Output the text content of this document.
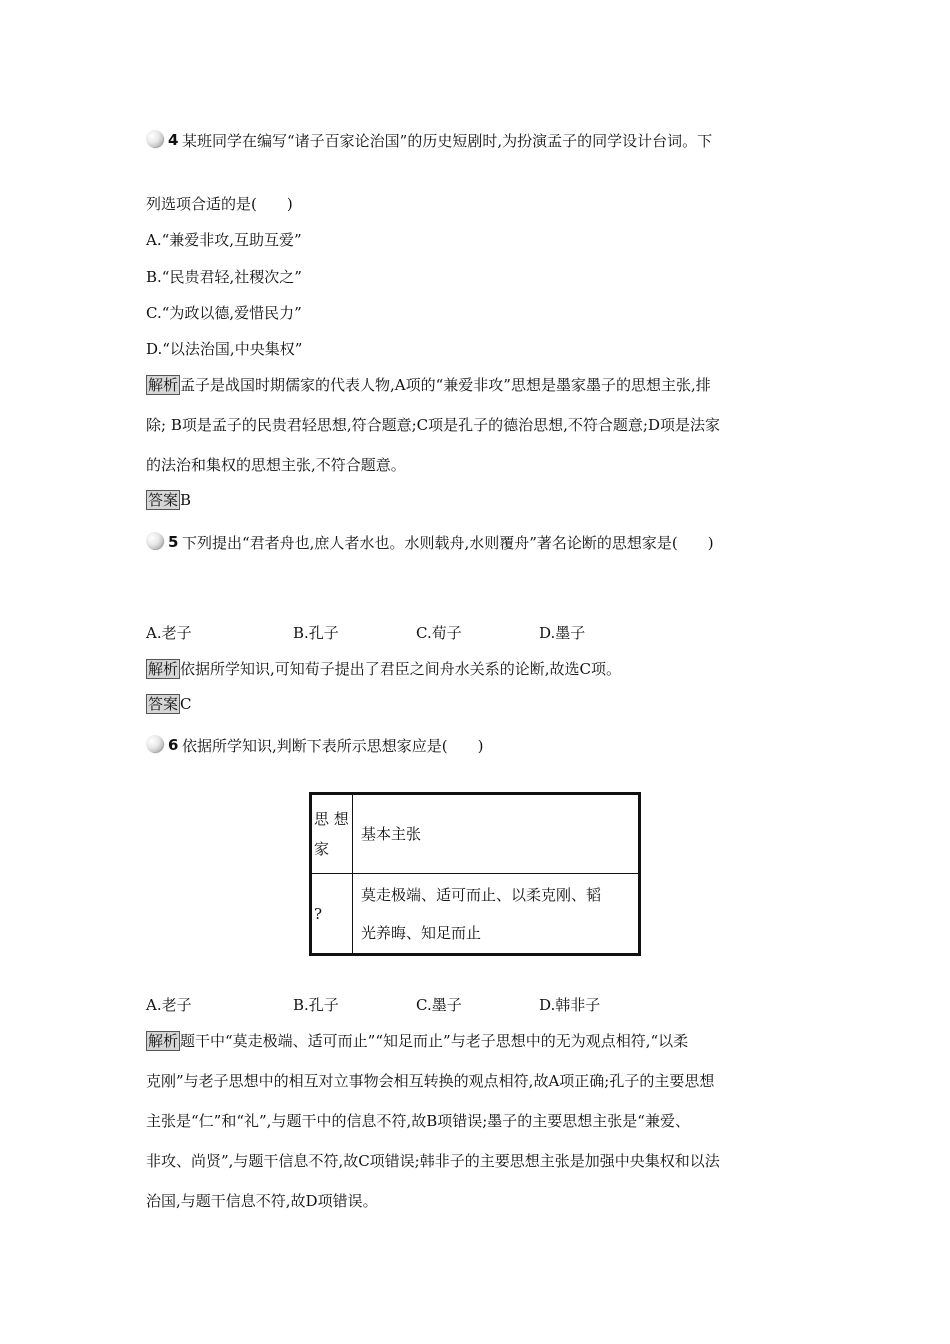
4 某班同学在编写“诸子百家论治国”的历史短剧时,为扮演孟子的同学设计台词。下
列选项合适的是(　　)
A.“兼爱非攻,互助互爱”
B.“民贵君轻,社稷次之”
C.“为政以德,爱惜民力”
D.“以法治国,中央集权”
解析 孟子是战国时期儒家的代表人物,A项的“兼爱非攻”思想是墨家墨子的思想主张,排
除; B项是孟子的民贵君轻思想,符合题意;C项是孔子的德治思想,不符合题意;D项是法家
的法治和集权的思想主张,不符合题意。
答案 B
5 下列提出“君者舟也,庶人者水也。水则载舟,水则覆舟”著名论断的思想家是(　　)
A.老子	B.孔子	C.荀子	D.墨子
解析 依据所学知识,可知荀子提出了君臣之间舟水关系的论断,故选C项。
答案 C
6 依据所学知识,判断下表所示思想家应是(　　)
思 想
家	基本主张
?	莫走极端、适可而止、以柔克刚、韬
光养晦、知足而止
A.老子	B.孔子	C.墨子	D.韩非子
解析 题干中“莫走极端、适可而止”“知足而止”与老子思想中的无为观点相符,“以柔
克刚”与老子思想中的相互对立事物会相互转换的观点相符,故A项正确;孔子的主要思想
主张是“仁”和“礼”,与题干中的信息不符,故B项错误;墨子的主要思想主张是“兼爱、
非攻、尚贤”,与题干信息不符,故C项错误;韩非子的主要思想主张是加强中央集权和以法
治国,与题干信息不符,故D项错误。
